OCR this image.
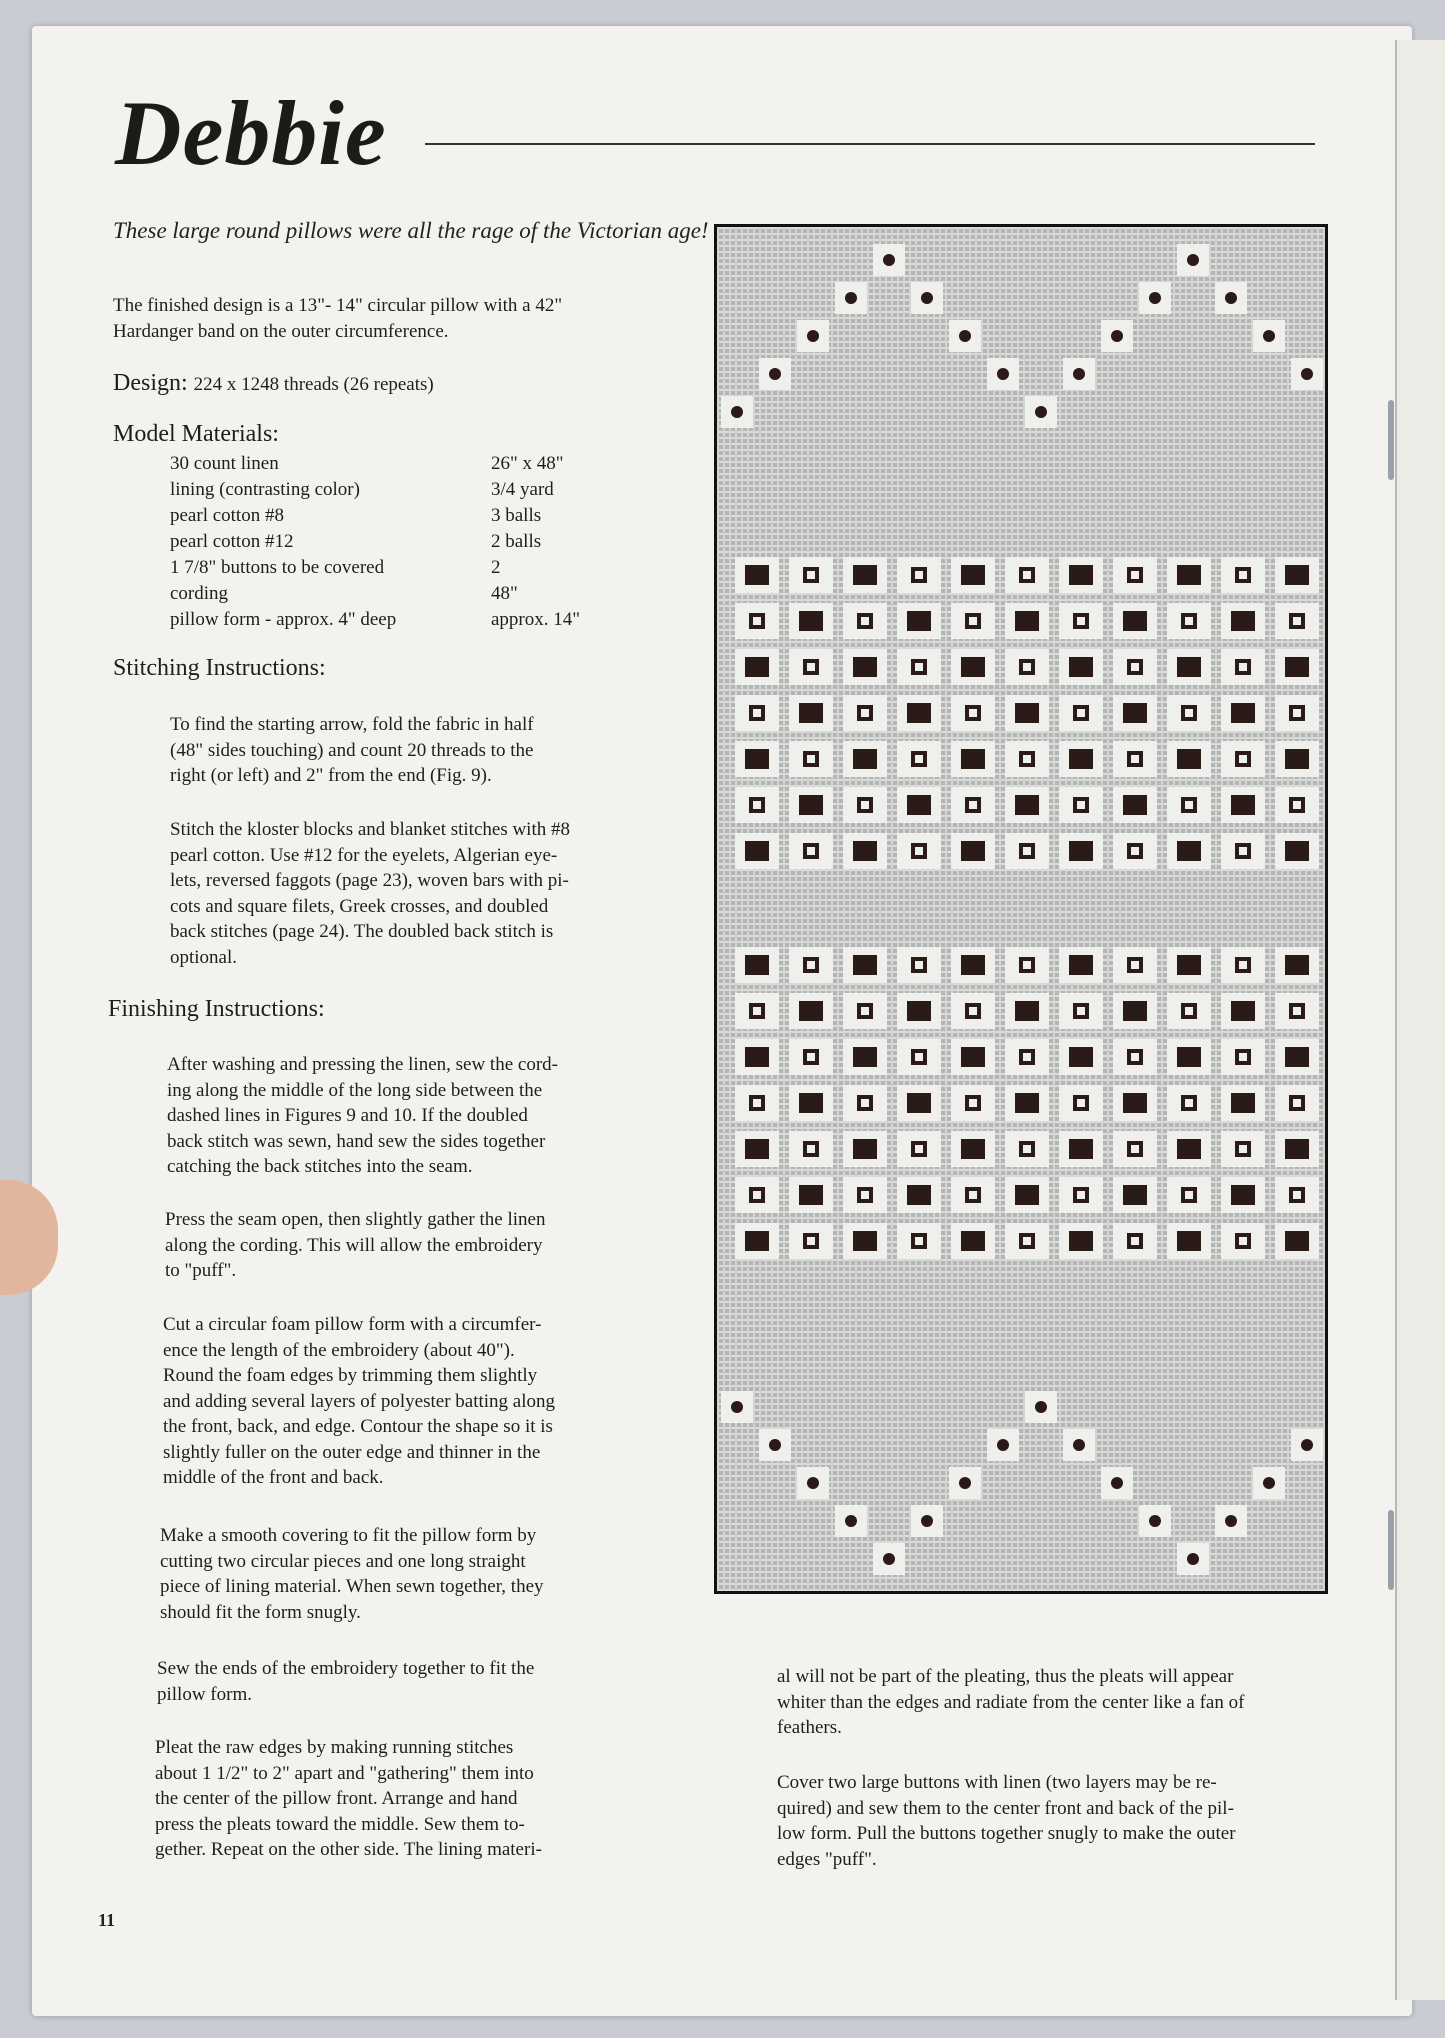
Debbie
These large round pillows were all the rage of the Victorian age!
The finished design is a 13"- 14" circular pillow with a 42"
Hardanger band on the outer circumference.
Design: 224 x 1248 threads (26 repeats)
Model Materials:
30 count linen	26" x 48"
lining (contrasting color)	3/4 yard
pearl cotton #8	3 balls
pearl cotton #12	2 balls
1 7/8" buttons to be covered	2
cording	48"
pillow form - approx. 4" deep	approx. 14"
Stitching Instructions:
To find the starting arrow, fold the fabric in half
(48" sides touching) and count 20 threads to the
right (or left) and 2" from the end (Fig. 9).
Stitch the kloster blocks and blanket stitches with #8
pearl cotton. Use #12 for the eyelets, Algerian eye-
lets, reversed faggots (page 23), woven bars with pi-
cots and square filets, Greek crosses, and doubled
back stitches (page 24). The doubled back stitch is
optional.
Finishing Instructions:
After washing and pressing the linen, sew the cord-
ing along the middle of the long side between the
dashed lines in Figures 9 and 10. If the doubled
back stitch was sewn, hand sew the sides together
catching the back stitches into the seam.
Press the seam open, then slightly gather the linen
along the cording. This will allow the embroidery
to "puff".
Cut a circular foam pillow form with a circumfer-
ence the length of the embroidery (about 40").
Round the foam edges by trimming them slightly
and adding several layers of polyester batting along
the front, back, and edge. Contour the shape so it is
slightly fuller on the outer edge and thinner in the
middle of the front and back.
Make a smooth covering to fit the pillow form by
cutting two circular pieces and one long straight
piece of lining material. When sewn together, they
should fit the form snugly.
Sew the ends of the embroidery together to fit the
pillow form.
Pleat the raw edges by making running stitches
about 1 1/2" to 2" apart and "gathering" them into
the center of the pillow front. Arrange and hand
press the pleats toward the middle. Sew them to-
gether. Repeat on the other side. The lining materi-
al will not be part of the pleating, thus the pleats will appear
whiter than the edges and radiate from the center like a fan of
feathers.
Cover two large buttons with linen (two layers may be re-
quired) and sew them to the center front and back of the pil-
low form. Pull the buttons together snugly to make the outer
edges "puff".
11
